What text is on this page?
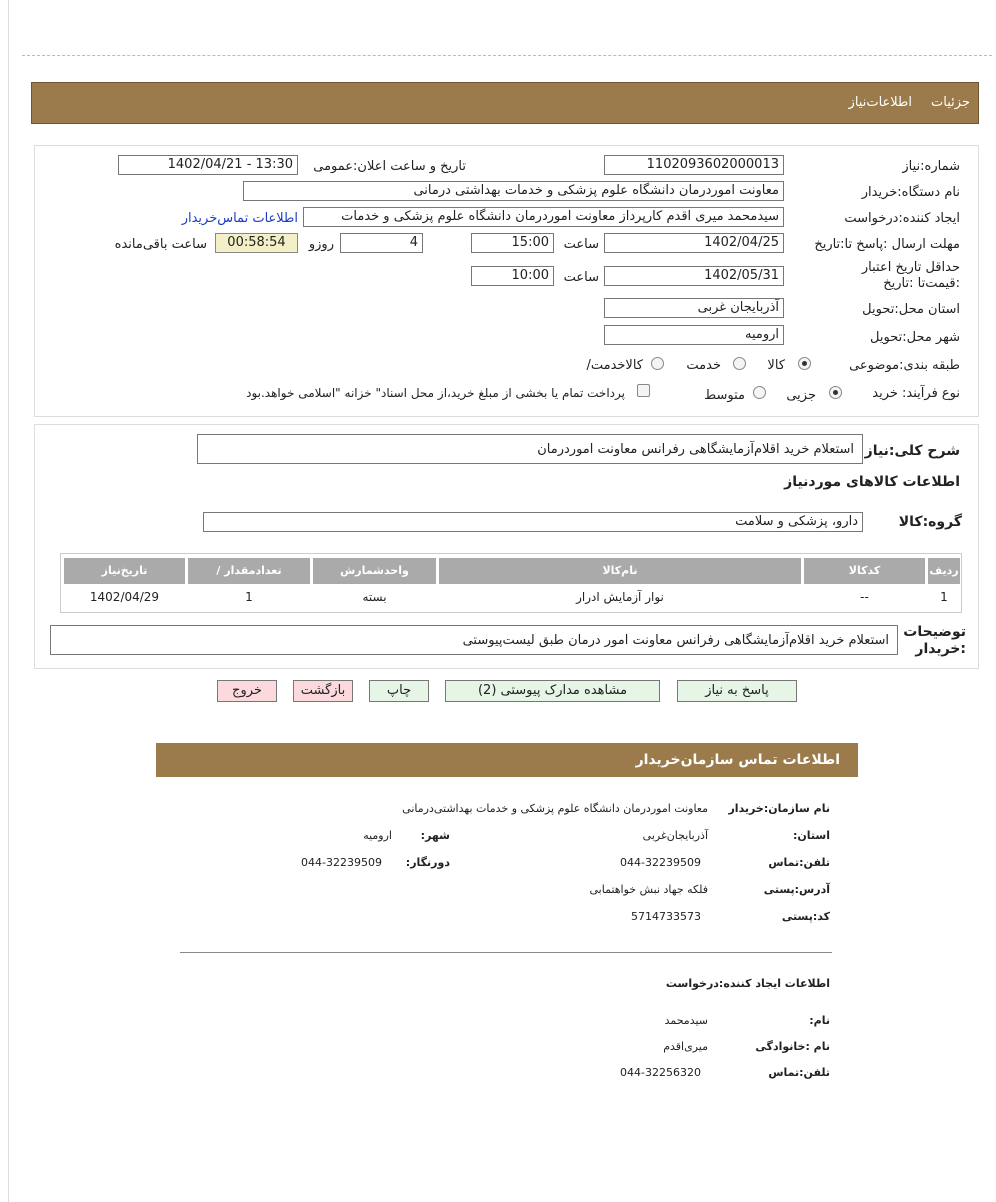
جزئيات
اطلاعات‌نیاز
شماره:نیاز
1102093602000013
تاریخ و ساعت اعلان:عمومی
1402/04/21 - 13:30
نام دستگاه:خریدار
معاونت امور‌درمان دانشگاه علوم پزشکی و خدمات بهداشتی درمانی
ایجاد کننده:درخواست
سیدمحمد میری اقدم کارپرداز معاونت امور‌درمان دانشگاه علوم پزشکی و خدمات
اطلاعات تماس‌خریدار
مهلت ارسال :پاسخ تا:تاریخ
1402/04/25
ساعت
15:00
4
روزو
00:58:54
ساعت باقی‌مانده
حداقل تاریخ اعتبار :قیمت‌تا :تاریخ
1402/05/31
ساعت
10:00
استان محل:تحویل
آذربایجان غربی
شهر محل:تحویل
ارومیه
طبقه بندی:موضوعی
کالا
خدمت
/کالاخدمت
نوع فرآیند: خرید
جزیی
متوسط
پرداخت تمام یا بخشی از مبلغ خرید،از محل اسناد" خزانه "اسلامی خواهد.بود
شرح کلی:نیاز
استعلام خرید اقلام‌آزمایشگاهی رفرانس معاونت اموردرمان
اطلاعات کالاهای موردنیاز
گروه:کالا
دارو، پزشکی و سلامت
ردیف
کدکالا
نام‌کالا
واحدشمارش
/ تعدادمقدار
تاریخ‌نیاز
1
--
نوار آزمایش ادرار
بسته
1
1402/04/29
توضیحات :خریدار
استعلام خرید اقلام‌آزمایشگاهی رفرانس معاونت امور درمان طبق لیست‌پیوستی
پاسخ به نیاز
مشاهده مدارک پیوستی (2)
چاپ
بازگشت
خروج
اطلاعات تماس سازمان‌خریدار
نام سازمان:خریدار
معاونت اموردرمان دانشگاه علوم پزشکی و خدمات بهداشتی‌درمانی
:استان
آذربایجان‌غربی
:شهر
ارومیه
تلفن:تماس
044-32239509
:دورنگار
044-32239509
آدرس:پستی
فلکه جهاد نبش خواهتمابی
کد:پستی
5714733573
اطلاعات ایجاد کننده:درخواست
:نام
سیدمحمد
نام :خانوادگی
میری‌اقدم
تلفن:تماس
044-32256320
